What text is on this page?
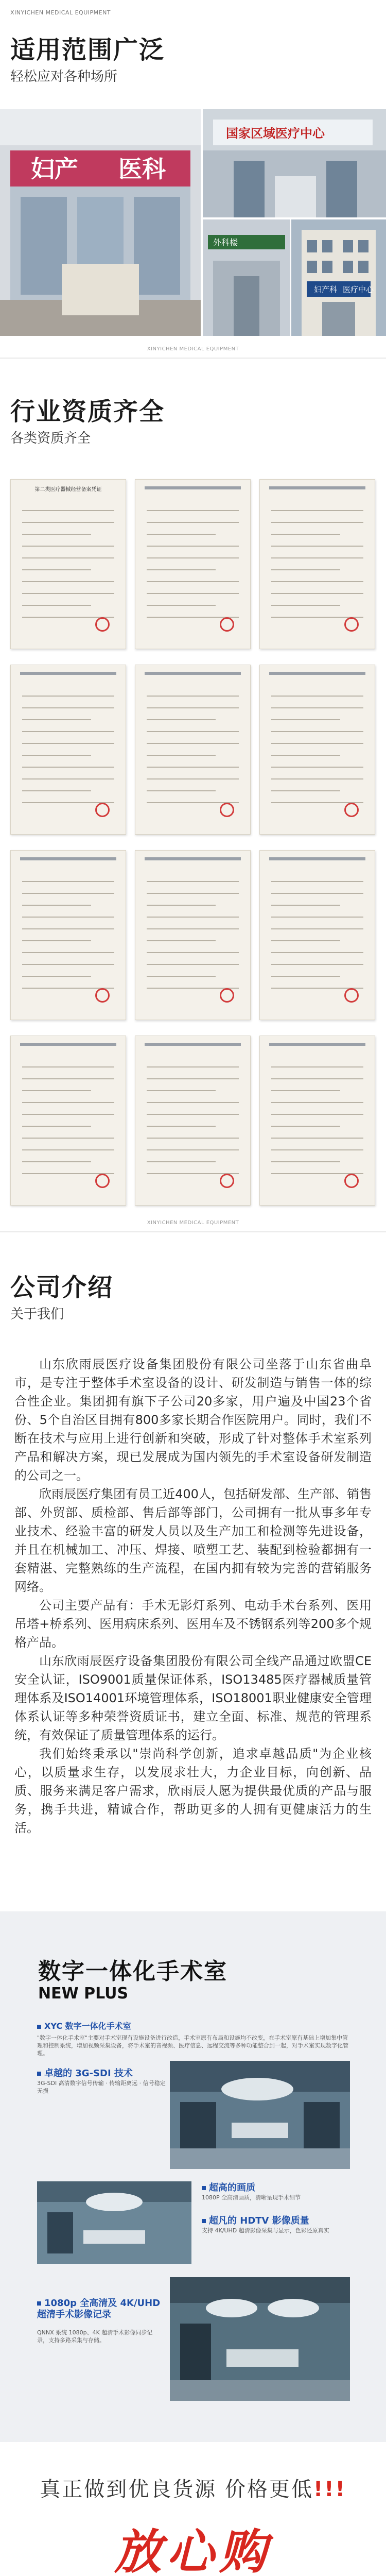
XINYICHEN MEDICAL EQUIPMENT
适用范围广泛
轻松应对各种场所
妇产 医科
国家区域医疗中心
外科楼
妇产科 医疗中心
XINYICHEN MEDICAL EQUIPMENT
行业资质齐全
各类资质齐全
第二类医疗器械经营备案凭证
XINYICHEN MEDICAL EQUIPMENT
公司介绍
关于我们

山东欣雨辰医疗设备集团股份有限公司坐落于山东省曲阜市，是专注于整体手术室设备的设计、研发制造与销售一体的综合性企业。集团拥有旗下子公司20多家，用户遍及中国23个省份、5个自治区目拥有800多家长期合作医院用户。同时，我们不断在技术与应用上进行创新和突破，形成了针对整体手术室系列产品和解决方案，现已发展成为国内领先的手术室设备研发制造的公司之一。

欣雨辰医疗集团有员工近400人，包括研发部、生产部、销售部、外贸部、质检部、售后部等部门，公司拥有一批从事多年专业技术、经验丰富的研发人员以及生产加工和检测等先进设备，并且在机械加工、冲压、焊接、喷塑工艺、装配到检验都拥有一套精湛、完整熟练的生产流程，在国内拥有较为完善的营销服务网络。

公司主要产品有：手术无影灯系列、电动手术台系列、医用吊塔+桥系列、医用病床系列、医用车及不锈钢系列等200多个规格产品。

山东欣雨辰医疗设备集团股份有限公司全线产品通过欧盟CE安全认证，ISO9001质量保证体系，ISO13485医疗器械质量管理体系及ISO14001环境管理体系，ISO18001职业健康安全管理体系认证等多种荣誉资质证书，建立全面、标准、规范的管理系统，有效保证了质量管理体系的运行。

我们始终秉承以"崇尚科学创新，追求卓越品质"为企业核心，以质量求生存，以发展求壮大，力企业目标，向创新、品质、服务来满足客户需求，欣雨辰人愿为提供最优质的产品与服务，携手共进，精诚合作，帮助更多的人拥有更健康活力的生活。

数字一体化手术室
NEW PLUS
XYC 数字一体化手术室
"数字一体化手术室"主要对手术室现有设施设备进行改造，手术室原有布局和设施均不改变，在手术室原有基础上增加集中管理和控制系统，增加视频采集设备，将手术室的音视频、医疗信息、远程交流等多种功能整合到一起，对手术室实现数字化管理。
卓越的 3G-SDI 技术
3G-SDI 高清数字信号传输 · 传输距离远 · 信号稳定无损
超高的画质
超凡的 HDTV 影像质量
支持 4K/UHD 超清影像采集与显示，色彩还原真实
1080P 全高清画质，清晰呈现手术细节
1080p 全高清及 4K/UHD 超清手术影像记录
QNNX 系统 1080p、4K 超清手术影像同步记录，支持多路采集与存储。
真正做到优良货源 价格更低!!!
放心购
